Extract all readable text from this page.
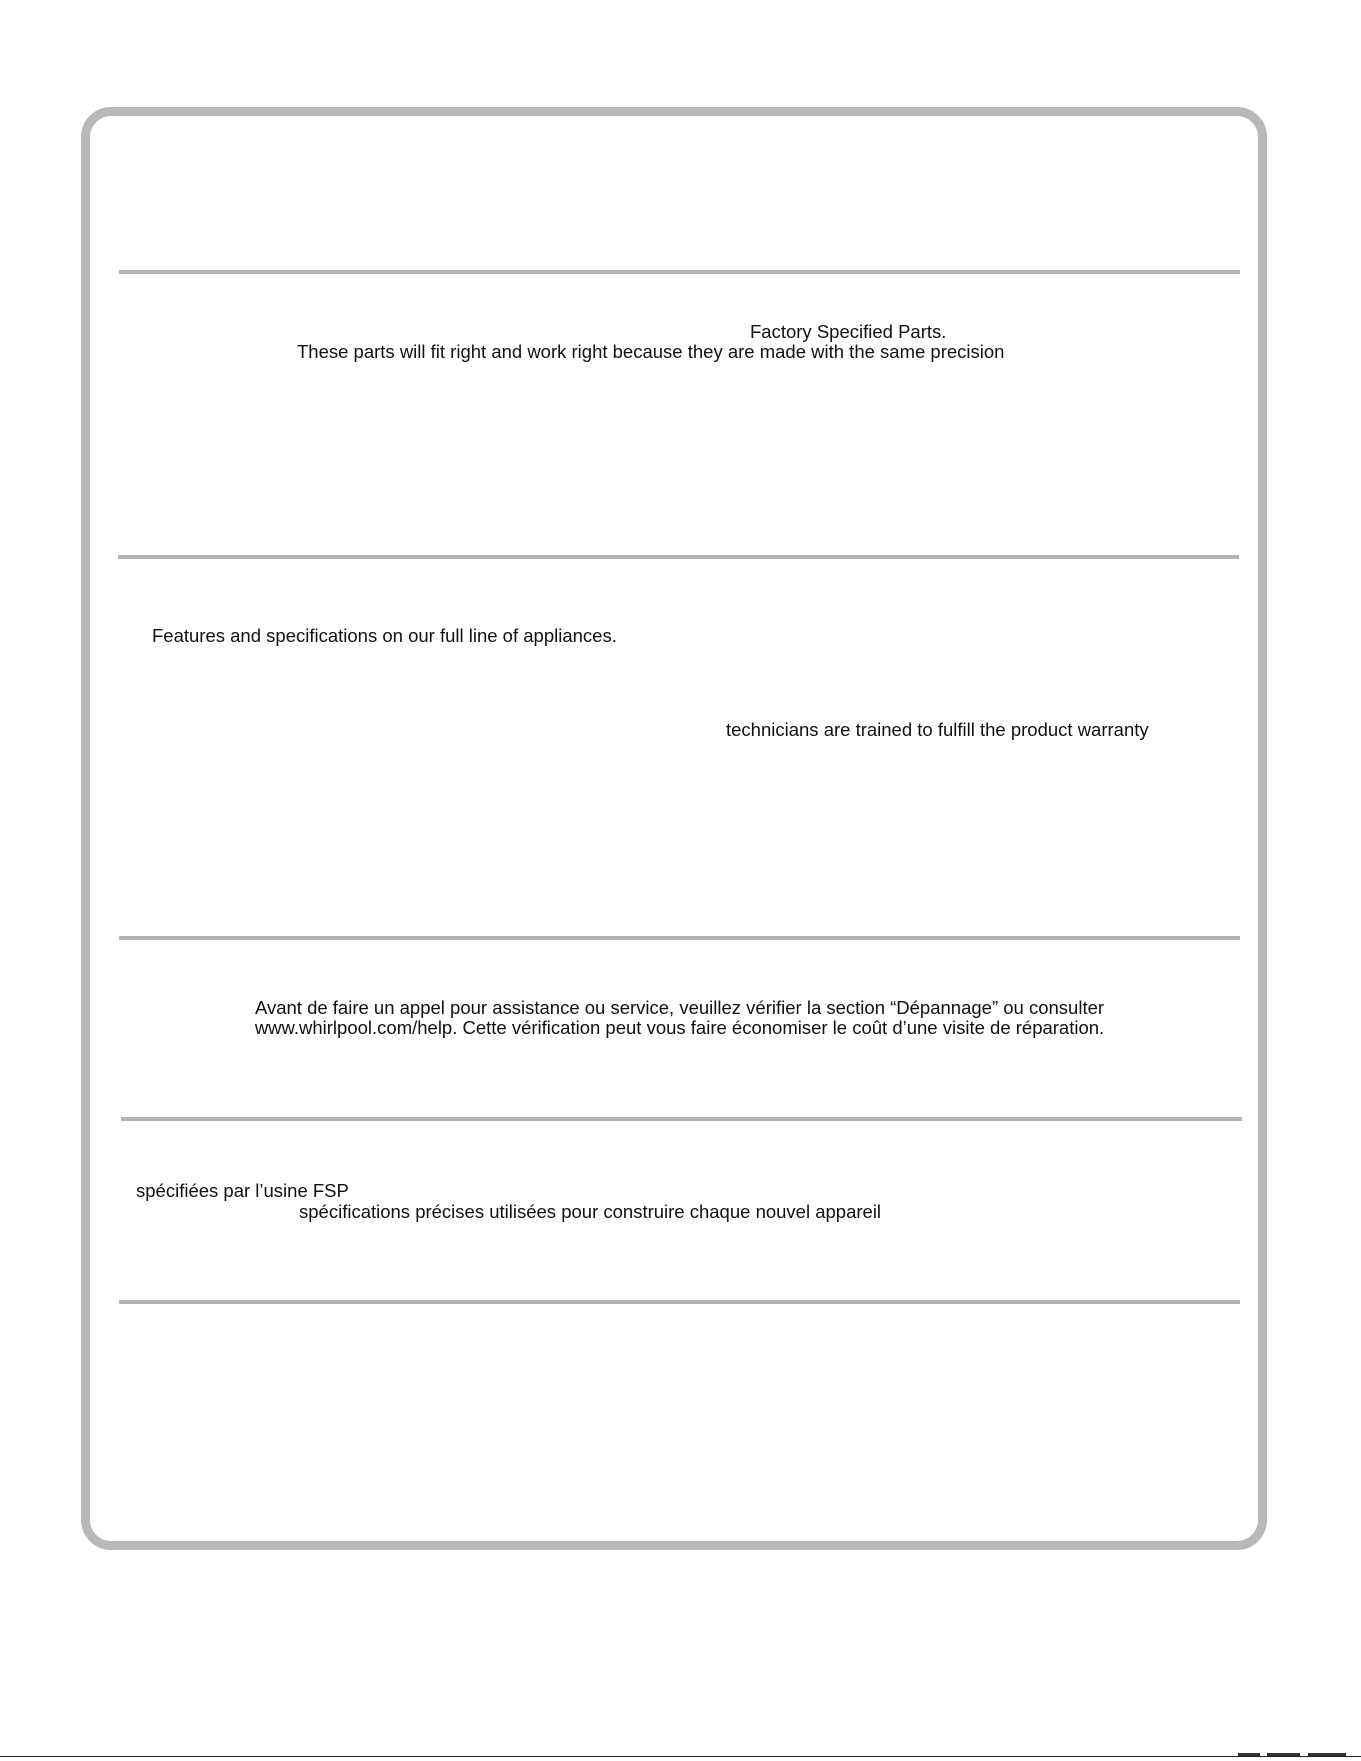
Factory Specified Parts.
These parts will fit right and work right because they are made with the same precision
Features and specifications on our full line of appliances.
technicians are trained to fulfill the product warranty
Avant de faire un appel pour assistance ou service, veuillez vérifier la section “Dépannage” ou consulter
www.whirlpool.com/help. Cette vérification peut vous faire économiser le coût d’une visite de réparation.
spécifiées par l’usine FSP
spécifications précises utilisées pour construire chaque nouvel appareil
